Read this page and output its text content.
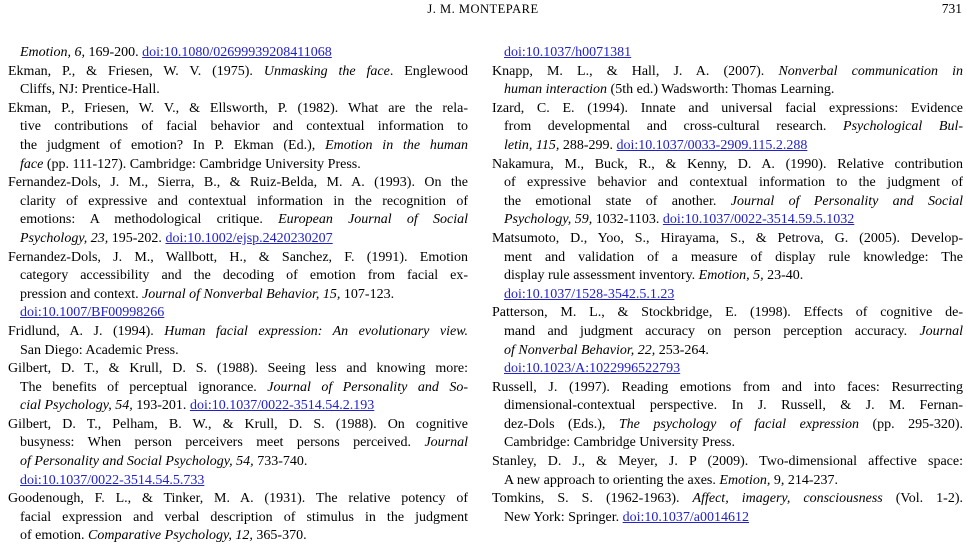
J. M. MONTEPARE	731
Emotion, 6, 169-200. doi:10.1080/02699939208411068
Ekman, P., & Friesen, W. V. (1975). Unmasking the face. Englewood
Cliffs, NJ: Prentice-Hall.
Ekman, P., Friesen, W. V., & Ellsworth, P. (1982). What are the rela-
tive contributions of facial behavior and contextual information to
the judgment of emotion? In P. Ekman (Ed.), Emotion in the human
face (pp. 111-127). Cambridge: Cambridge University Press.
Fernandez-Dols, J. M., Sierra, B., & Ruiz-Belda, M. A. (1993). On the
clarity of expressive and contextual information in the recognition of
emotions: A methodological critique. European Journal of Social
Psychology, 23, 195-202. doi:10.1002/ejsp.2420230207
Fernandez-Dols, J. M., Wallbott, H., & Sanchez, F. (1991). Emotion
category accessibility and the decoding of emotion from facial ex-
pression and context. Journal of Nonverbal Behavior, 15, 107-123.
doi:10.1007/BF00998266
Fridlund, A. J. (1994). Human facial expression: An evolutionary view.
San Diego: Academic Press.
Gilbert, D. T., & Krull, D. S. (1988). Seeing less and knowing more:
The benefits of perceptual ignorance. Journal of Personality and So-
cial Psychology, 54, 193-201. doi:10.1037/0022-3514.54.2.193
Gilbert, D. T., Pelham, B. W., & Krull, D. S. (1988). On cognitive
busyness: When person perceivers meet persons perceived. Journal
of Personality and Social Psychology, 54, 733-740.
doi:10.1037/0022-3514.54.5.733
Goodenough, F. L., & Tinker, M. A. (1931). The relative potency of
facial expression and verbal description of stimulus in the judgment
of emotion. Comparative Psychology, 12, 365-370.
doi:10.1037/h0071381
Knapp, M. L., & Hall, J. A. (2007). Nonverbal communication in
human interaction (5th ed.) Wadsworth: Thomas Learning.
Izard, C. E. (1994). Innate and universal facial expressions: Evidence
from developmental and cross-cultural research. Psychological Bul-
letin, 115, 288-299. doi:10.1037/0033-2909.115.2.288
Nakamura, M., Buck, R., & Kenny, D. A. (1990). Relative contribution
of expressive behavior and contextual information to the judgment of
the emotional state of another. Journal of Personality and Social
Psychology, 59, 1032-1103. doi:10.1037/0022-3514.59.5.1032
Matsumoto, D., Yoo, S., Hirayama, S., & Petrova, G. (2005). Develop-
ment and validation of a measure of display rule knowledge: The
display rule assessment inventory. Emotion, 5, 23-40.
doi:10.1037/1528-3542.5.1.23
Patterson, M. L., & Stockbridge, E. (1998). Effects of cognitive de-
mand and judgment accuracy on person perception accuracy. Journal
of Nonverbal Behavior, 22, 253-264.
doi:10.1023/A:1022996522793
Russell, J. (1997). Reading emotions from and into faces: Resurrecting
dimensional-contextual perspective. In J. Russell, & J. M. Fernan-
dez-Dols (Eds.), The psychology of facial expression (pp. 295-320).
Cambridge: Cambridge University Press.
Stanley, D. J., & Meyer, J. P (2009). Two-dimensional affective space:
A new approach to orienting the axes. Emotion, 9, 214-237.
Tomkins, S. S. (1962-1963). Affect, imagery, consciousness (Vol. 1-2).
New York: Springer. doi:10.1037/a0014612
